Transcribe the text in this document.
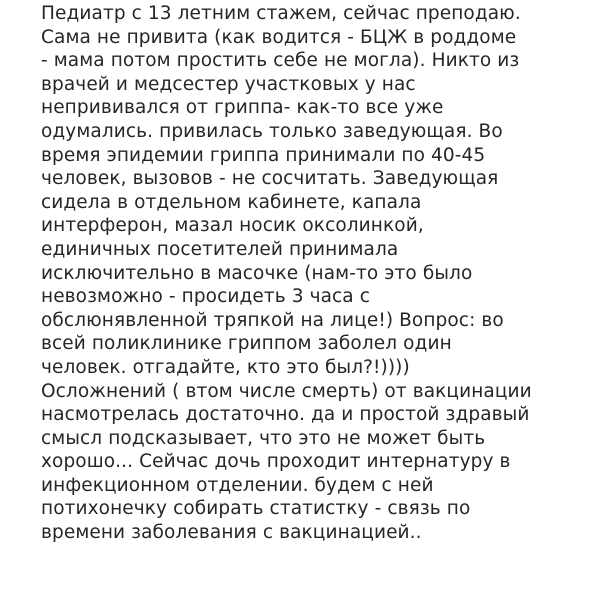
Педиатр с 13 летним стажем, сейчас преподаю.
Сама не привита (как водится - БЦЖ в роддоме
- мама потом простить себе не могла). Никто из
врачей и медсестер участковых у нас
непрививался от гриппа- как-то все уже
одумались. привилась только заведующая. Во
время эпидемии гриппа принимали по 40-45
человек, вызовов - не сосчитать. Заведующая
сидела в отдельном кабинете, капала
интерферон, мазал носик оксолинкой,
единичных посетителей принимала
исключительно в масочке (нам-то это было
невозможно - просидеть 3 часа с
обслюнявленной тряпкой на лице!) Вопрос: во
всей поликлинике гриппом заболел один
человек. отгадайте, кто это был?!))))
Осложнений ( втом числе смерть) от вакцинации
насмотрелась достаточно. да и простой здравый
смысл подсказывает, что это не может быть
хорошо... Сейчас дочь проходит интернатуру в
инфекционном отделении. будем с ней
потихонечку собирать статистку - связь по
времени заболевания с вакцинацией..
